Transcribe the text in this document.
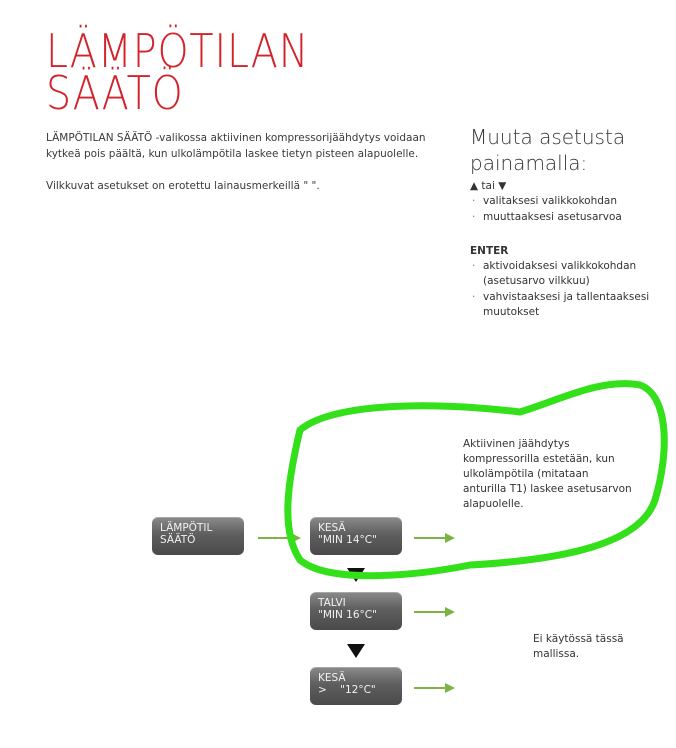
LÄMPÖTILAN
SÄÄTÖ

LÄMPÖTILAN SÄÄTÖ -valikossa aktiivinen kompressorijäähdytys voidaan kytkeä pois päältä, kun ulkolämpötila laskee tietyn pisteen alapuolelle.

Vilkkuvat asetukset on erotettu lainausmerkeillä " ".

Muuta asetusta
painamalla:

▲ tai ▼

· valitaksesi valikkokohdan
· muuttaaksesi asetusarvoa

ENTER

· aktivoidaksesi valikkokohdan (asetusarvo vilkkuu)
· vahvistaaksesi ja tallentaaksesi muutokset
LÄMPÖTIL
SÄÄTÖ
KESÄ
"MIN 14°C"
TALVI
"MIN 16°C"
KESÄ
>    "12°C"

Aktiivinen jäähdytys kompressorilla estetään, kun ulkolämpötila (mitataan anturilla T1) laskee asetusarvon alapuolelle.

Ei käytössä tässä mallissa.
